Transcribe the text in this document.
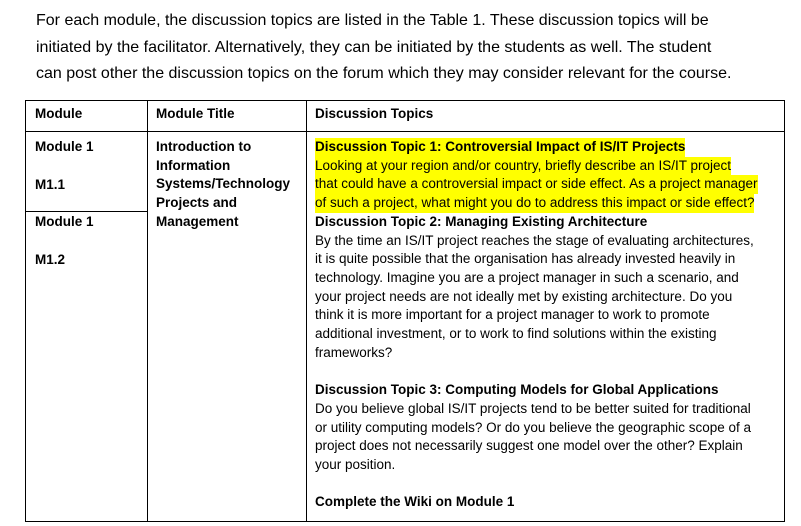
For each module, the discussion topics are listed in the Table 1. These discussion topics will be
initiated by the facilitator. Alternatively, they can be initiated by the students as well. The student
can post other the discussion topics on the forum which they may consider relevant for the course.

Module	Module Title	Discussion Topics

Module 1

M1.1

Module 1

M1.2

Introduction to
Information
Systems/Technology
Projects and
Management
Discussion Topic 1: Controversial Impact of IS/IT Projects
Looking at your region and/or country, briefly describe an IS/IT project
that could have a controversial impact or side effect. As a project manager
of such a project, what might you do to address this impact or side effect?
Discussion Topic 2: Managing Existing Architecture
By the time an IS/IT project reaches the stage of evaluating architectures,
it is quite possible that the organisation has already invested heavily in
technology. Imagine you are a project manager in such a scenario, and
your project needs are not ideally met by existing architecture. Do you
think it is more important for a project manager to work to promote
additional investment, or to work to find solutions within the existing
frameworks?
Discussion Topic 3: Computing Models for Global Applications
Do you believe global IS/IT projects tend to be better suited for traditional
or utility computing models? Or do you believe the geographic scope of a
project does not necessarily suggest one model over the other? Explain
your position.
Complete the Wiki on Module 1
